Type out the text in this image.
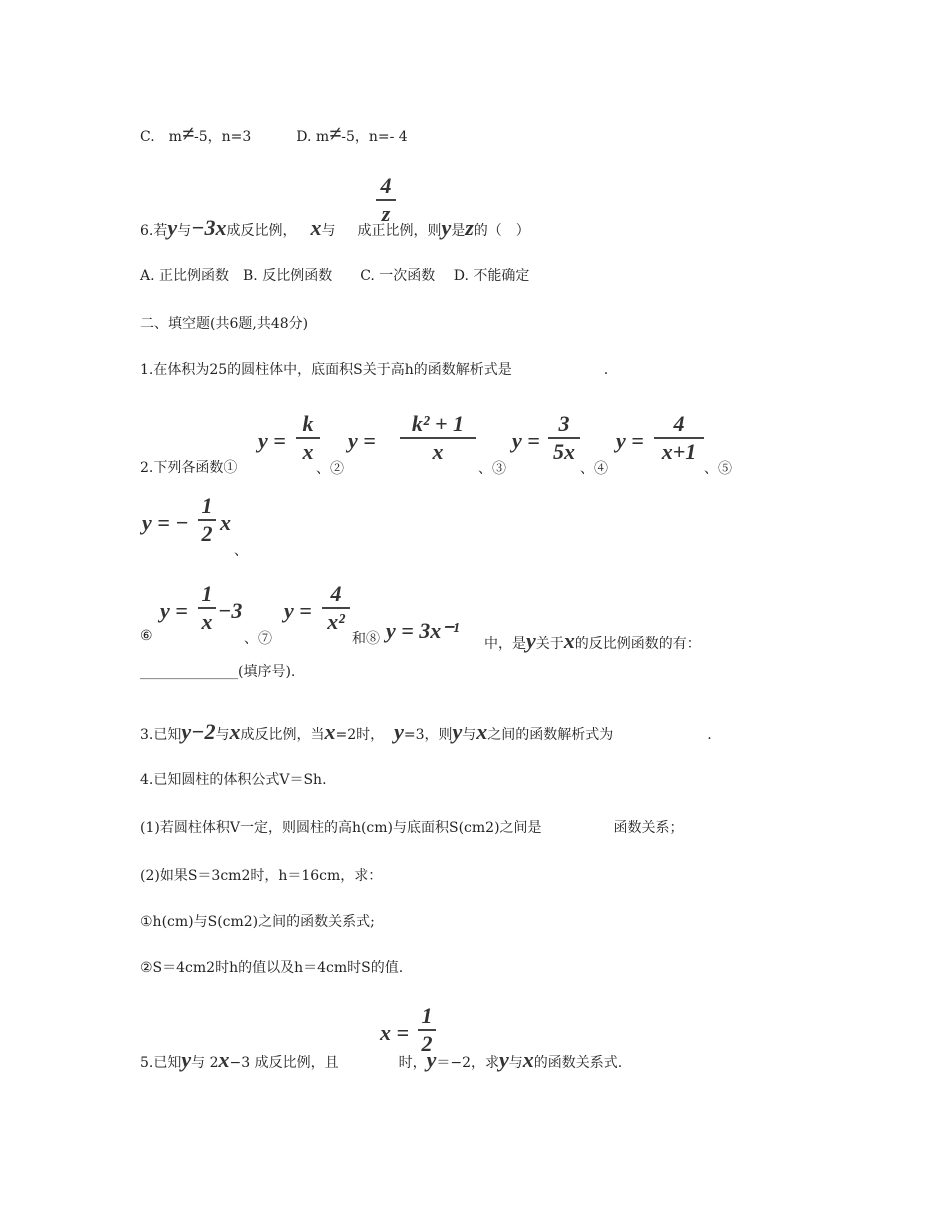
C.　m≠-5，n=3	D. m≠-5，n=- 4
6.若y与−3x成反比例， x与 成正比例，则y是z的（　）
4
z
A. 正比例函数　B. 反比例函数　　C. 一次函数　 D. 不能确定
二、填空题(共6题,共48分)
1.在体积为25的圆柱体中，底面积S关于高h的函数解析式是	.
2.下列各函数①
y =
k
x
、②
y =
k² + 1
x
、③
y =
3
5x
、④
y =
4
x+1
、⑤
y = −
1
2 x
、
⑥
y =
1
x −3
、⑦
y =
4
x²
和⑧ y = 3x⁻¹
中，是y关于x的反比例函数的有：
______________(填序号).
3.已知y−2与x成反比例，当x=2时， y=3，则y与x之间的函数解析式为	.
4.已知圆柱的体积公式V＝Sh.
(1)若圆柱体积V一定，则圆柱的高h(cm)与底面积S(cm2)之间是	函数关系；
(2)如果S＝3cm2时，h＝16cm，求：
①h(cm)与S(cm2)之间的函数关系式;
②S＝4cm2时h的值以及h＝4cm时S的值.
5.已知y与 2x−3 成反比例，且	时，y＝−2，求y与x的函数关系式.
x =
1
2
